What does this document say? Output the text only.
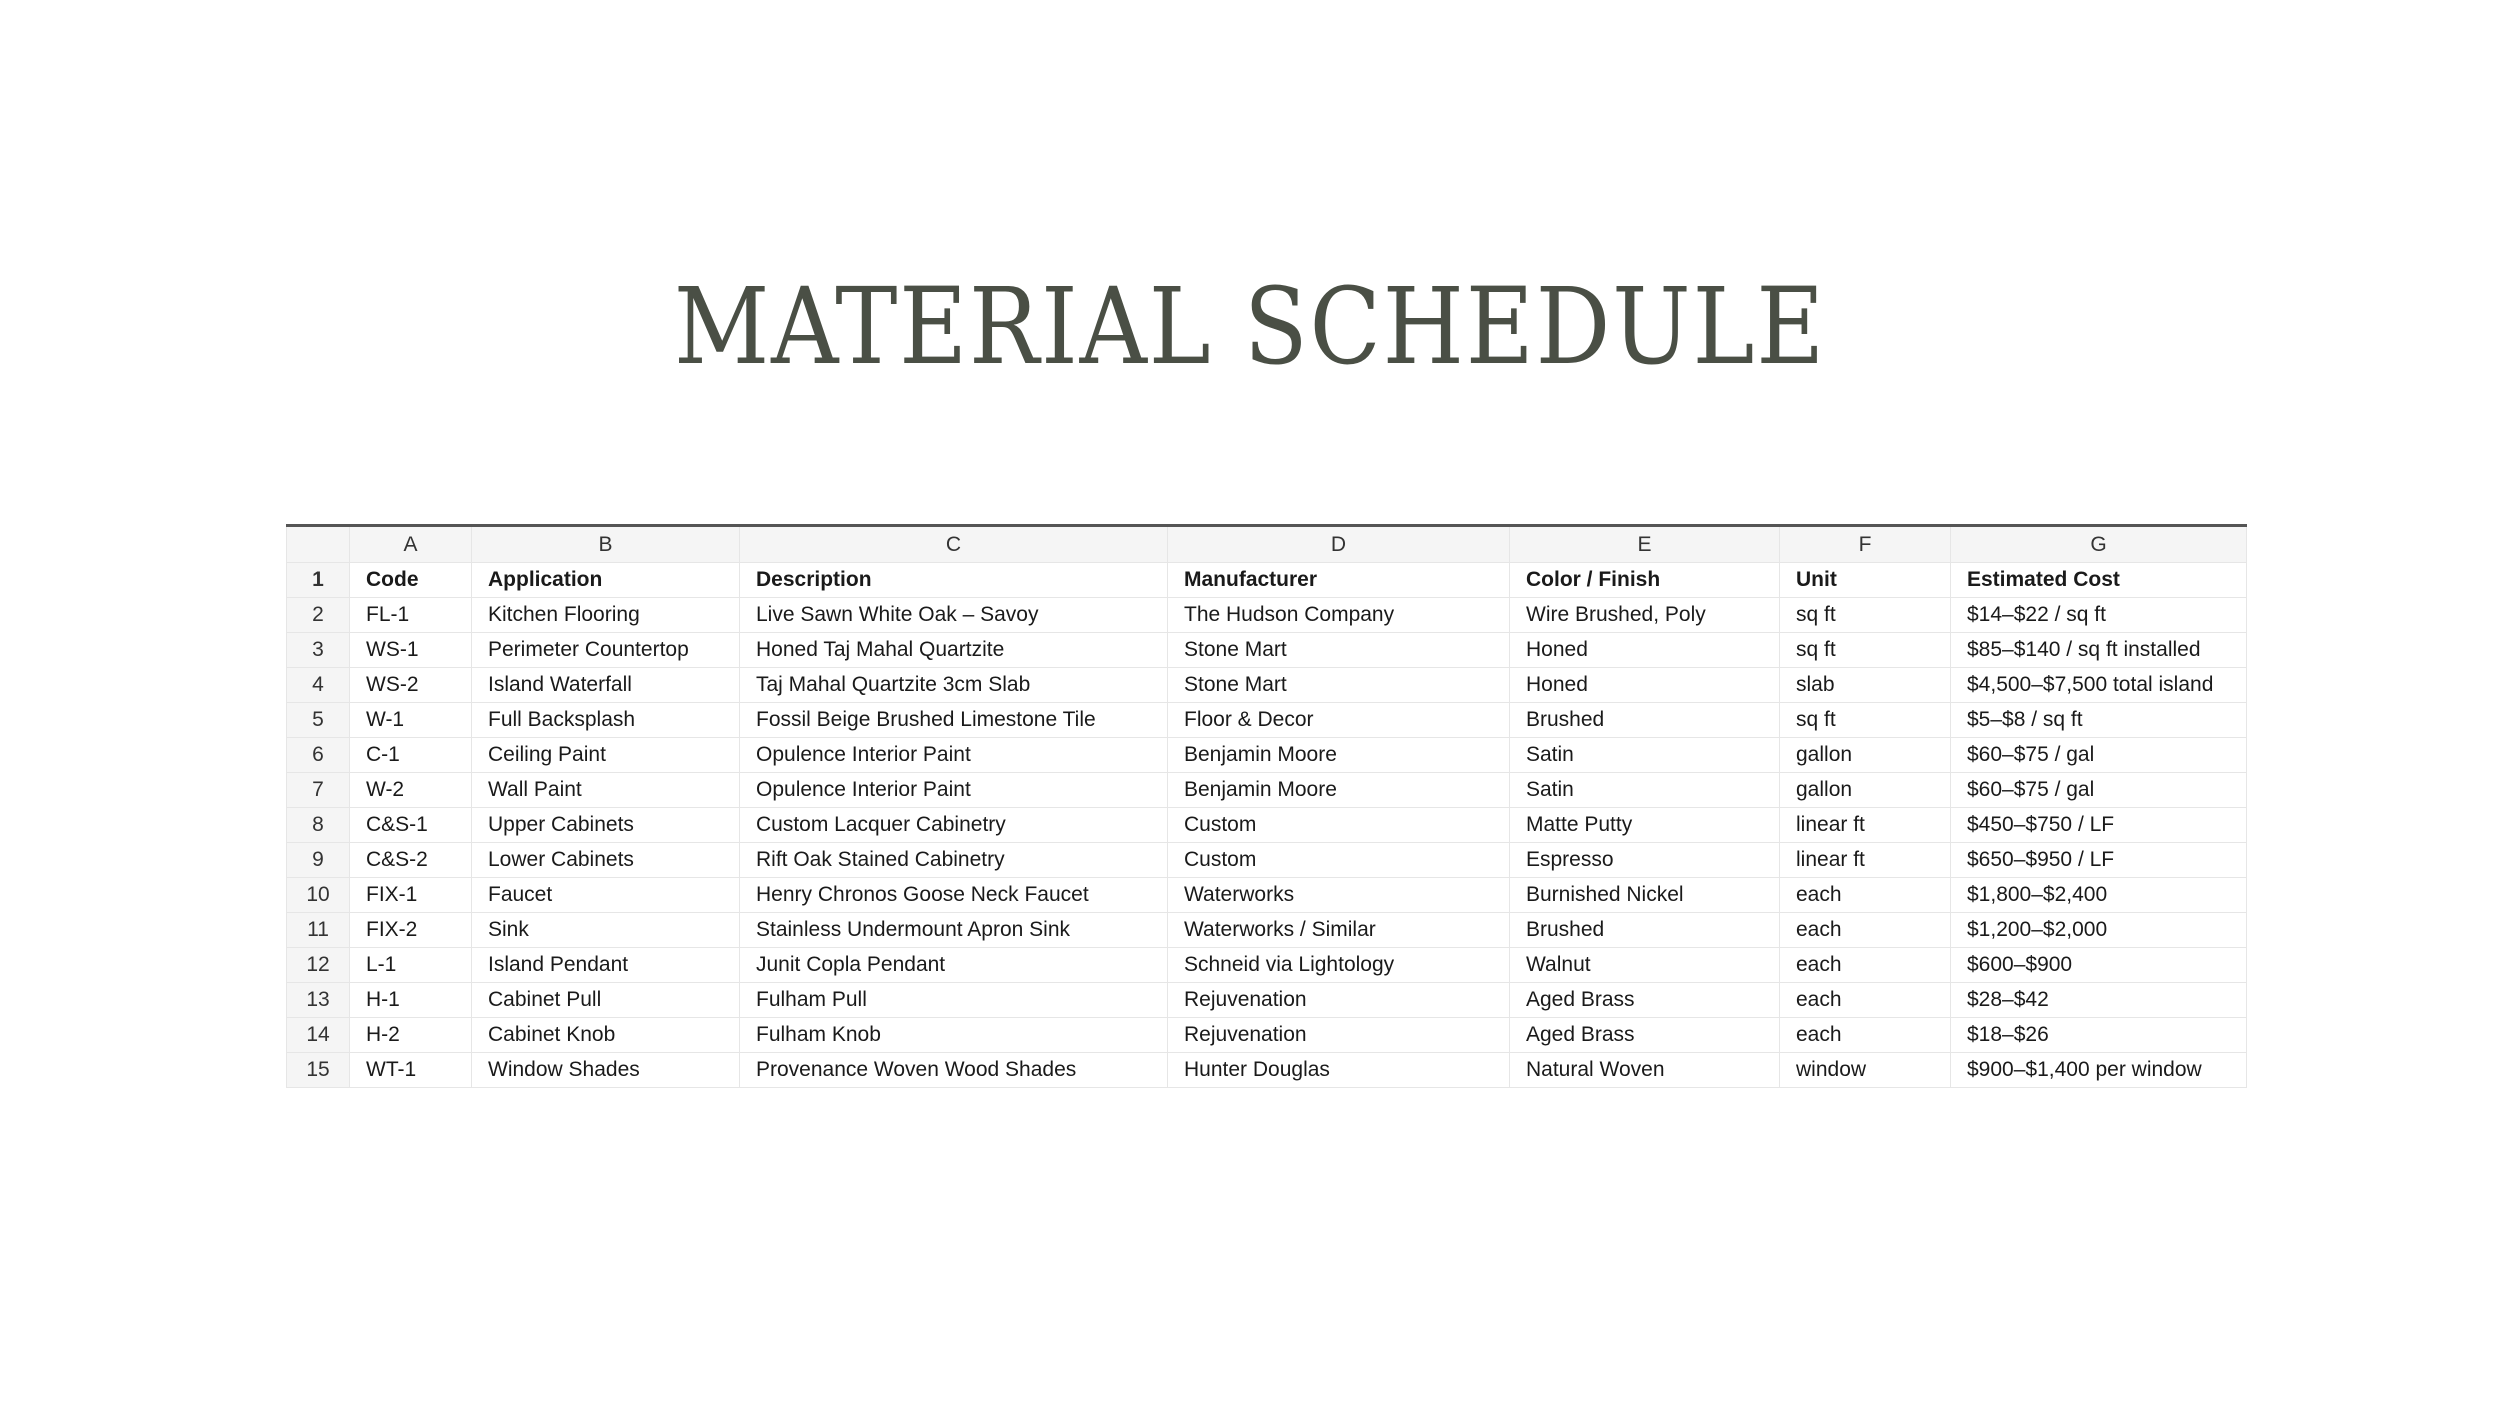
MATERIAL SCHEDULE
	A	B	C	D	E	F	G
1	Code	Application	Description	Manufacturer	Color / Finish	Unit	Estimated Cost
2	FL-1	Kitchen Flooring	Live Sawn White Oak – Savoy	The Hudson Company	Wire Brushed, Poly	sq ft	$14–$22 / sq ft
3	WS-1	Perimeter Countertop	Honed Taj Mahal Quartzite	Stone Mart	Honed	sq ft	$85–$140 / sq ft installed
4	WS-2	Island Waterfall	Taj Mahal Quartzite 3cm Slab	Stone Mart	Honed	slab	$4,500–$7,500 total island
5	W-1	Full Backsplash	Fossil Beige Brushed Limestone Tile	Floor & Decor	Brushed	sq ft	$5–$8 / sq ft
6	C-1	Ceiling Paint	Opulence Interior Paint	Benjamin Moore	Satin	gallon	$60–$75 / gal
7	W-2	Wall Paint	Opulence Interior Paint	Benjamin Moore	Satin	gallon	$60–$75 / gal
8	C&S-1	Upper Cabinets	Custom Lacquer Cabinetry	Custom	Matte Putty	linear ft	$450–$750 / LF
9	C&S-2	Lower Cabinets	Rift Oak Stained Cabinetry	Custom	Espresso	linear ft	$650–$950 / LF
10	FIX-1	Faucet	Henry Chronos Goose Neck Faucet	Waterworks	Burnished Nickel	each	$1,800–$2,400
11	FIX-2	Sink	Stainless Undermount Apron Sink	Waterworks / Similar	Brushed	each	$1,200–$2,000
12	L-1	Island Pendant	Junit Copla Pendant	Schneid via Lightology	Walnut	each	$600–$900
13	H-1	Cabinet Pull	Fulham Pull	Rejuvenation	Aged Brass	each	$28–$42
14	H-2	Cabinet Knob	Fulham Knob	Rejuvenation	Aged Brass	each	$18–$26
15	WT-1	Window Shades	Provenance Woven Wood Shades	Hunter Douglas	Natural Woven	window	$900–$1,400 per window
